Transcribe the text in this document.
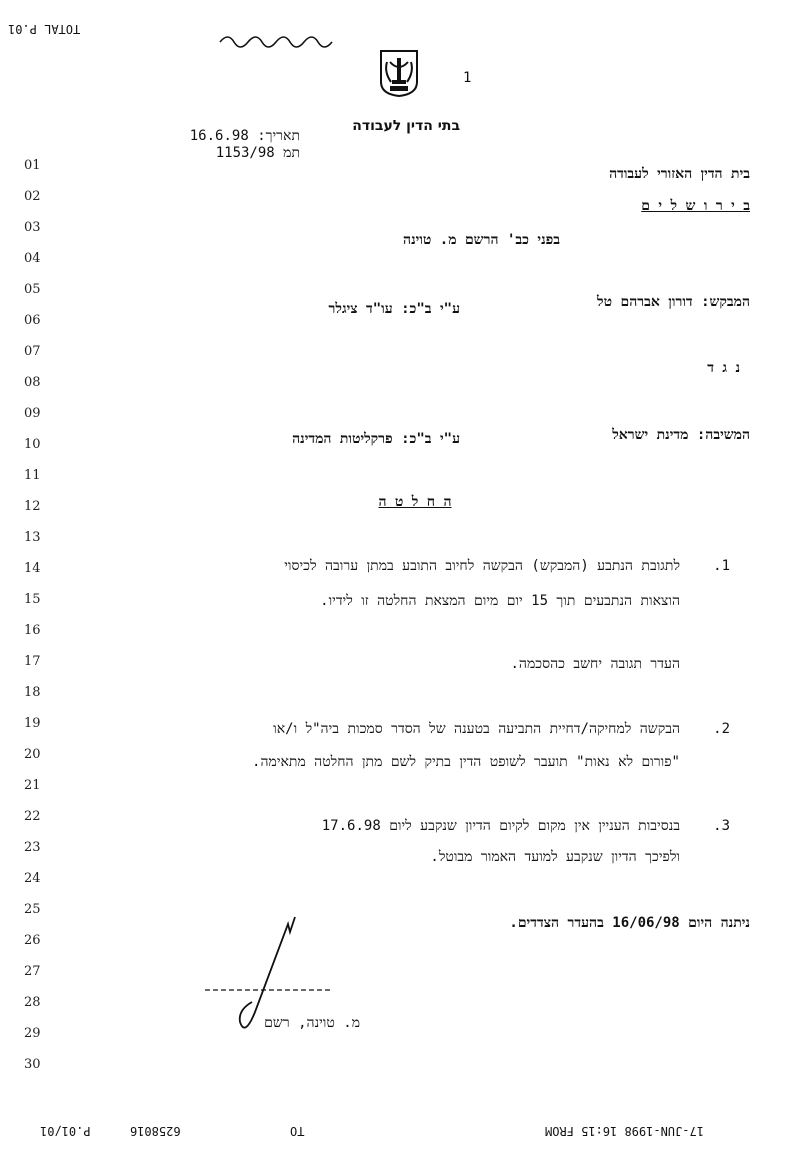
TOTAL P.01
1
בתי הדין לעבודה
תאריך: 16.6.98
תמ 1153/98
01
02
03
04
05
06
07
08
09
10
11
12
13
14
15
16
17
18
19
20
21
22
23
24
25
26
27
28
29
30
בית הדין האזורי לעבודה
ב י ר ו ש ל י ם
בפני כב' הרשם מ. טוינה
המבקש: דורון אברהם טל
ע"י ב"כ: עו"ד ציגלר
נ ג ד
המשיבה: מדינת ישראל
ע"י ב"כ: פרקליטות המדינה
ה ח ל ט ה
.1
לתגובת הנתבע (המבקש) הבקשה לחיוב התובע במתן ערובה לכיסוי
הוצאות הנתבעים תוך 15 יום מיום המצאת החלטה זו לידיו.
העדר תגובה יחשב כהסכמה.
.2
הבקשה למחיקה/דחיית התביעה בטענה של הסדר סמכות ביה"ל ו/או
"פורום לא נאות" תועבר לשופט הדין בתיק לשם מתן החלטה מתאימה.
.3
בנסיבות העניין אין מקום לקיום הדיון שנקבע ליום 17.6.98
ולפיכך הדיון שנקבע למועד האמור מבוטל.
ניתנה היום 16/06/98 בהעדר הצדדים.
מ. טוינה, רשם
P.01/01	6258016	TO	17-JUN-1998 16:15 FROM
